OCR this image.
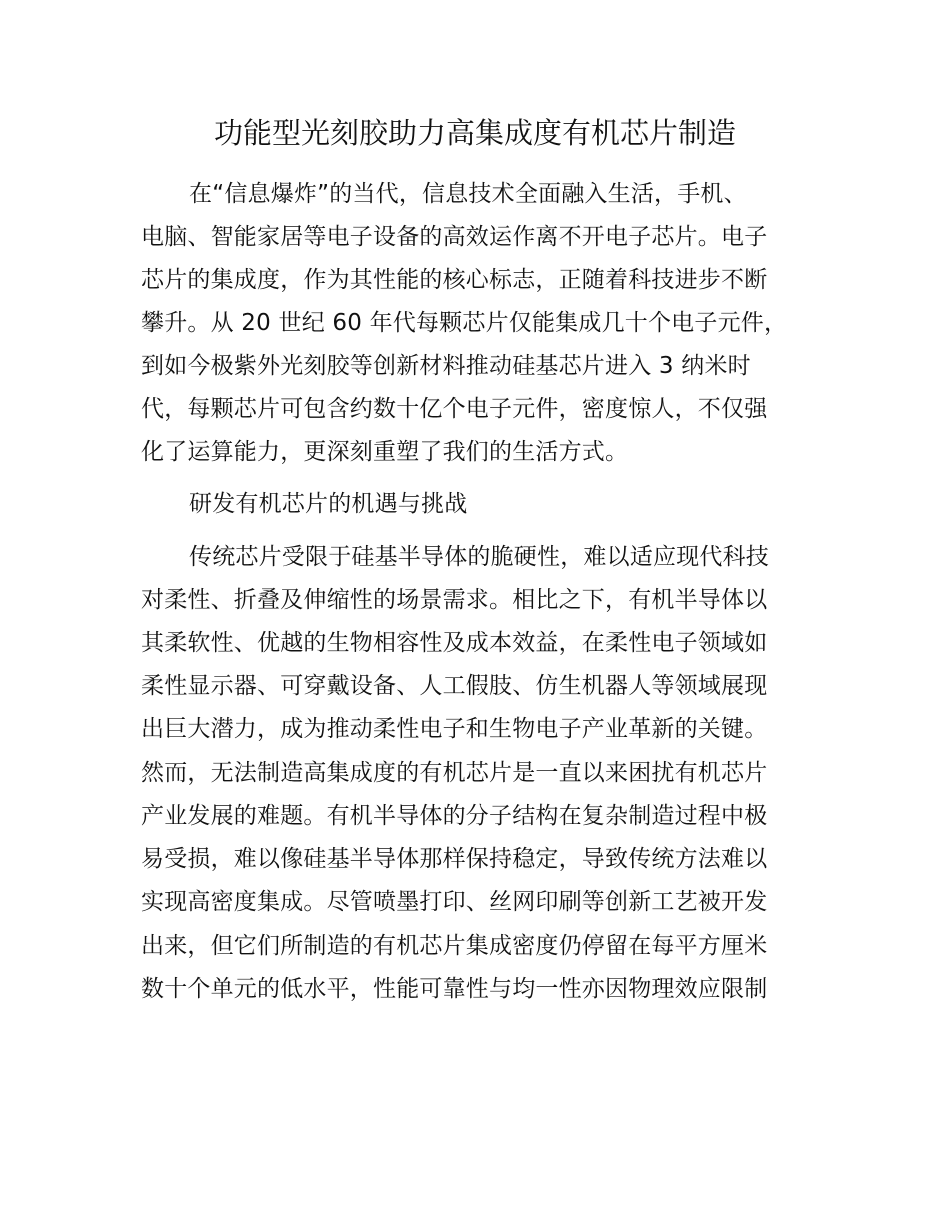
功能型光刻胶助力高集成度有机芯片制造
在“信息爆炸”的当代，信息技术全面融入生活，手机、
电脑、智能家居等电子设备的高效运作离不开电子芯片。电子
芯片的集成度，作为其性能的核心标志，正随着科技进步不断
攀升。从 20 世纪 60 年代每颗芯片仅能集成几十个电子元件，
到如今极紫外光刻胶等创新材料推动硅基芯片进入 3 纳米时
代，每颗芯片可包含约数十亿个电子元件，密度惊人，不仅强
化了运算能力，更深刻重塑了我们的生活方式。
研发有机芯片的机遇与挑战
传统芯片受限于硅基半导体的脆硬性，难以适应现代科技
对柔性、折叠及伸缩性的场景需求。相比之下，有机半导体以
其柔软性、优越的生物相容性及成本效益，在柔性电子领域如
柔性显示器、可穿戴设备、人工假肢、仿生机器人等领域展现
出巨大潜力，成为推动柔性电子和生物电子产业革新的关键。
然而，无法制造高集成度的有机芯片是一直以来困扰有机芯片
产业发展的难题。有机半导体的分子结构在复杂制造过程中极
易受损，难以像硅基半导体那样保持稳定，导致传统方法难以
实现高密度集成。尽管喷墨打印、丝网印刷等创新工艺被开发
出来，但它们所制造的有机芯片集成密度仍停留在每平方厘米
数十个单元的低水平，性能可靠性与均一性亦因物理效应限制
